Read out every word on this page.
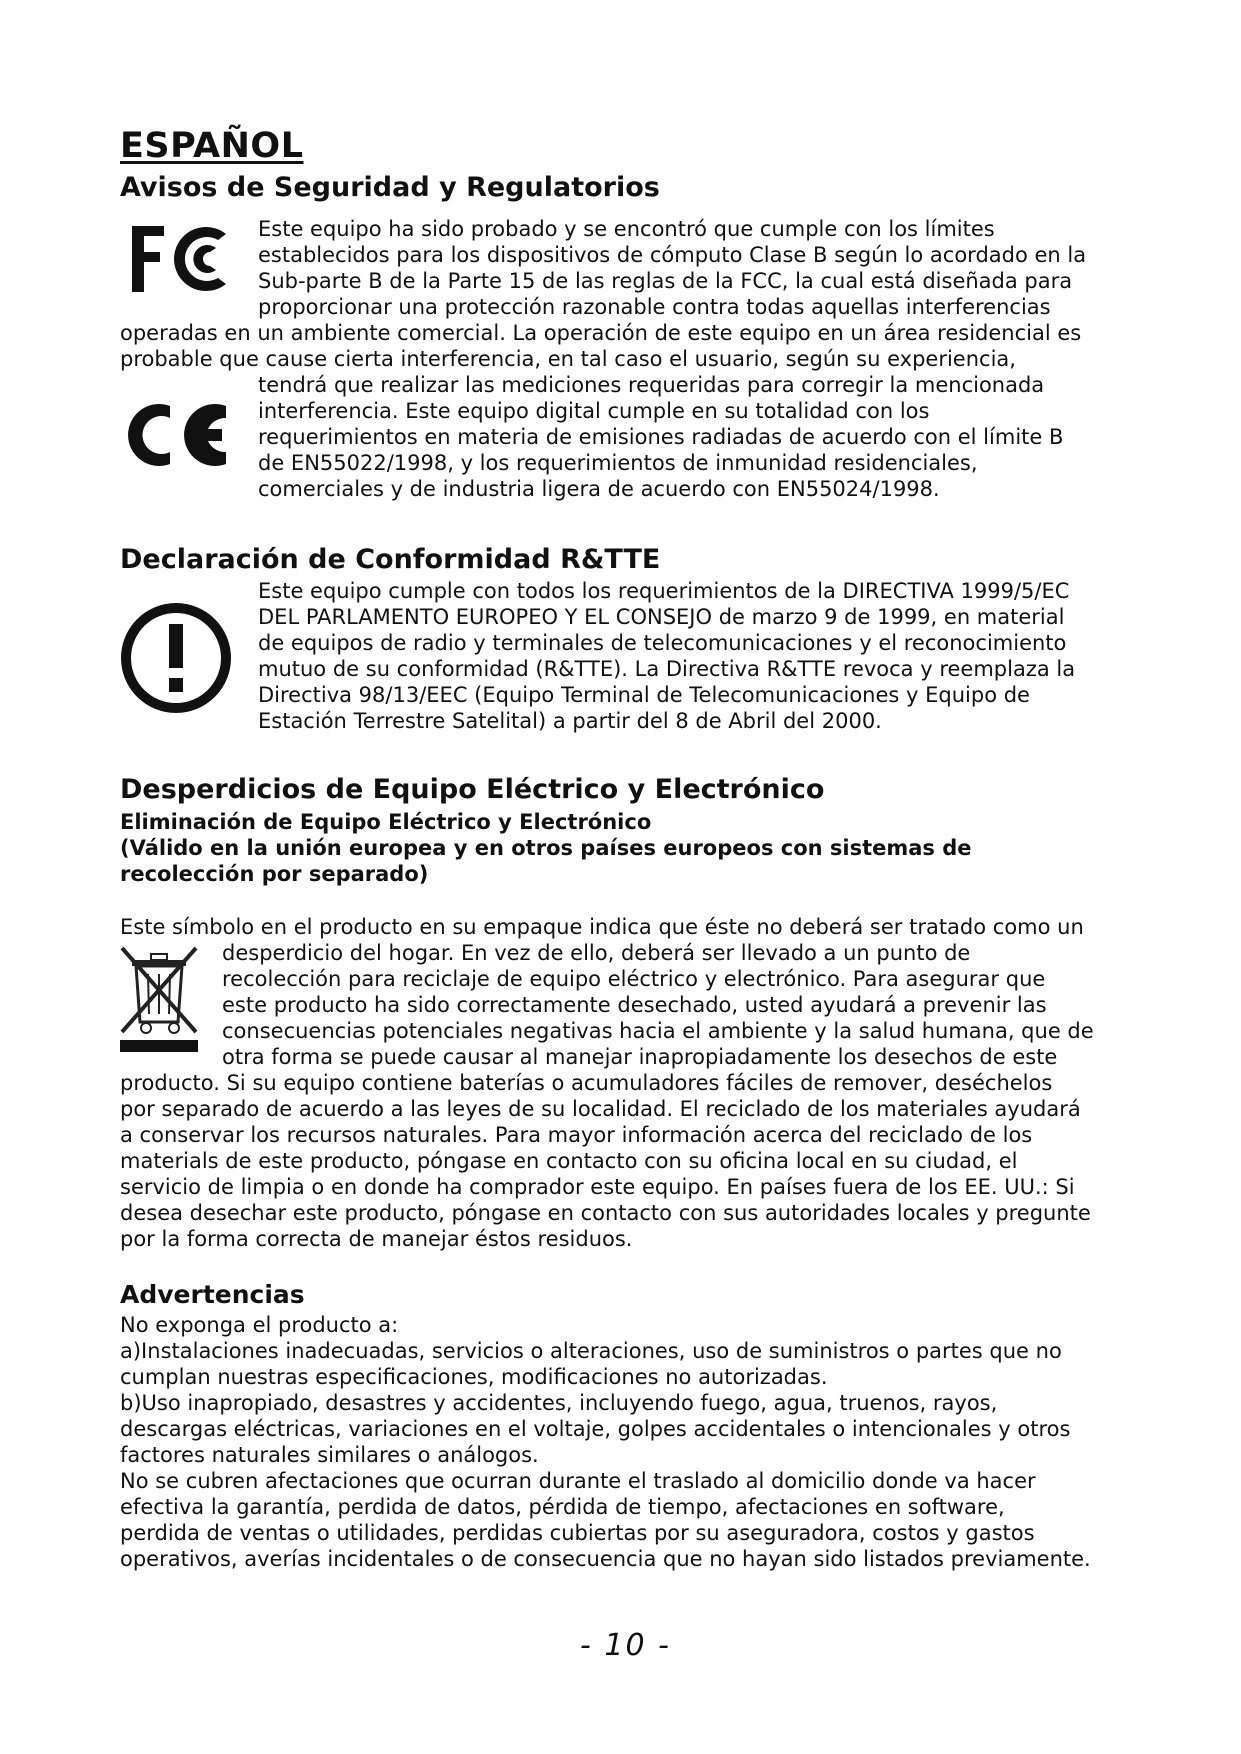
ESPAÑOL
Avisos de Seguridad y Regulatorios
Este equipo ha sido probado y se encontró que cumple con los límites
establecidos para los dispositivos de cómputo Clase B según lo acordado en la
Sub-parte B de la Parte 15 de las reglas de la FCC, la cual está diseñada para
proporcionar una protección razonable contra todas aquellas interferencias
operadas en un ambiente comercial. La operación de este equipo en un área residencial es
probable que cause cierta interferencia, en tal caso el usuario, según su experiencia,
tendrá que realizar las mediciones requeridas para corregir la mencionada
interferencia. Este equipo digital cumple en su totalidad con los
requerimientos en materia de emisiones radiadas de acuerdo con el límite B
de EN55022/1998, y los requerimientos de inmunidad residenciales,
comerciales y de industria ligera de acuerdo con EN55024/1998.
Declaración de Conformidad R&TTE
Este equipo cumple con todos los requerimientos de la DIRECTIVA 1999/5/EC
DEL PARLAMENTO EUROPEO Y EL CONSEJO de marzo 9 de 1999, en material
de equipos de radio y terminales de telecomunicaciones y el reconocimiento
mutuo de su conformidad (R&TTE). La Directiva R&TTE revoca y reemplaza la
Directiva 98/13/EEC (Equipo Terminal de Telecomunicaciones y Equipo de
Estación Terrestre Satelital) a partir del 8 de Abril del 2000.
Desperdicios de Equipo Eléctrico y Electrónico
Eliminación de Equipo Eléctrico y Electrónico
(Válido en la unión europea y en otros países europeos con sistemas de
recolección por separado)
Este símbolo en el producto en su empaque indica que éste no deberá ser tratado como un
desperdicio del hogar. En vez de ello, deberá ser llevado a un punto de
recolección para reciclaje de equipo eléctrico y electrónico. Para asegurar que
este producto ha sido correctamente desechado, usted ayudará a prevenir las
consecuencias potenciales negativas hacia el ambiente y la salud humana, que de
otra forma se puede causar al manejar inapropiadamente los desechos de este
producto. Si su equipo contiene baterías o acumuladores fáciles de remover, deséchelos
por separado de acuerdo a las leyes de su localidad. El reciclado de los materiales ayudará
a conservar los recursos naturales. Para mayor información acerca del reciclado de los
materials de este producto, póngase en contacto con su oficina local en su ciudad, el
servicio de limpia o en donde ha comprador este equipo. En países fuera de los EE. UU.: Si
desea desechar este producto, póngase en contacto con sus autoridades locales y pregunte
por la forma correcta de manejar éstos residuos.
Advertencias
No exponga el producto a:
a)Instalaciones inadecuadas, servicios o alteraciones, uso de suministros o partes que no
cumplan nuestras especificaciones, modificaciones no autorizadas.
b)Uso inapropiado, desastres y accidentes, incluyendo fuego, agua, truenos, rayos,
descargas eléctricas, variaciones en el voltaje, golpes accidentales o intencionales y otros
factores naturales similares o análogos.
No se cubren afectaciones que ocurran durante el traslado al domicilio donde va hacer
efectiva la garantía, perdida de datos, pérdida de tiempo, afectaciones en software,
perdida de ventas o utilidades, perdidas cubiertas por su aseguradora, costos y gastos
operativos, averías incidentales o de consecuencia que no hayan sido listados previamente.
- 10 -
